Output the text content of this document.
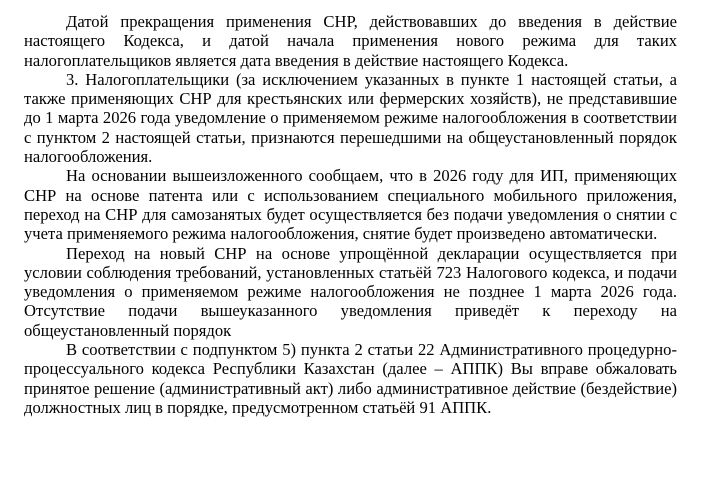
Датой прекращения применения СНР, действовавших до введения в действие настоящего Кодекса, и датой начала применения нового режима для таких налогоплательщиков является дата введения в действие настоящего Кодекса.

3. Налогоплательщики (за исключением указанных в пункте 1 настоящей статьи, а также применяющих СНР для крестьянских или фермерских хозяйств), не представившие до 1 марта 2026 года уведомление о применяемом режиме налогообложения в соответствии с пунктом 2 настоящей статьи, признаются перешедшими на общеустановленный порядок налогообложения.

На основании вышеизложенного сообщаем, что в 2026 году для ИП, применяющих СНР на основе патента или с использованием специального мобильного приложения, переход на СНР для самозанятых будет осуществляется без подачи уведомления о снятии с учета применяемого режима налогообложения, снятие будет произведено автоматически.

Переход на новый СНР на основе упрощённой декларации осуществляется при условии соблюдения требований, установленных статьёй 723 Налогового кодекса, и подачи уведомления о применяемом режиме налогообложения не позднее 1 марта 2026 года. Отсутствие подачи вышеуказанного уведомления приведёт к переходу на общеустановленный порядок

В соответствии с подпунктом 5) пункта 2 статьи 22 Административного процедурно-процессуального кодекса Республики Казахстан (далее – АППК) Вы вправе обжаловать принятое решение (административный акт) либо административное действие (бездействие) должностных лиц в порядке, предусмотренном статьёй 91 АППК.
